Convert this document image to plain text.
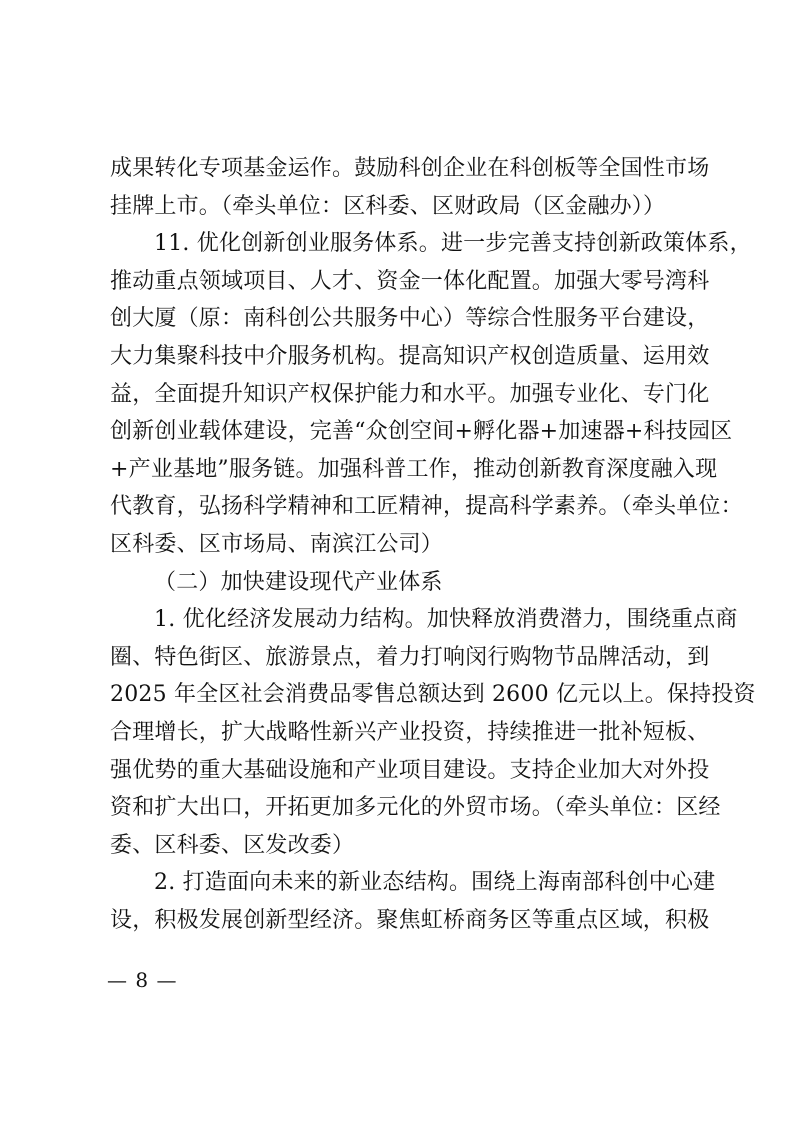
成果转化专项基金运作。鼓励科创企业在科创板等全国性市场
挂牌上市。（牵头单位：区科委、区财政局（区金融办））
11. 优化创新创业服务体系。进一步完善支持创新政策体系，
推动重点领域项目、人才、资金一体化配置。加强大零号湾科
创大厦（原：南科创公共服务中心）等综合性服务平台建设，
大力集聚科技中介服务机构。提高知识产权创造质量、运用效
益，全面提升知识产权保护能力和水平。加强专业化、专门化
创新创业载体建设，完善“众创空间+孵化器+加速器+科技园区
+产业基地”服务链。加强科普工作，推动创新教育深度融入现
代教育，弘扬科学精神和工匠精神，提高科学素养。（牵头单位：
区科委、区市场局、南滨江公司）
（二）加快建设现代产业体系
1. 优化经济发展动力结构。加快释放消费潜力，围绕重点商
圈、特色街区、旅游景点，着力打响闵行购物节品牌活动，到
2025 年全区社会消费品零售总额达到 2600 亿元以上。保持投资
合理增长，扩大战略性新兴产业投资，持续推进一批补短板、
强优势的重大基础设施和产业项目建设。支持企业加大对外投
资和扩大出口，开拓更加多元化的外贸市场。（牵头单位：区经
委、区科委、区发改委）
2. 打造面向未来的新业态结构。围绕上海南部科创中心建
设，积极发展创新型经济。聚焦虹桥商务区等重点区域，积极
— 8 —
